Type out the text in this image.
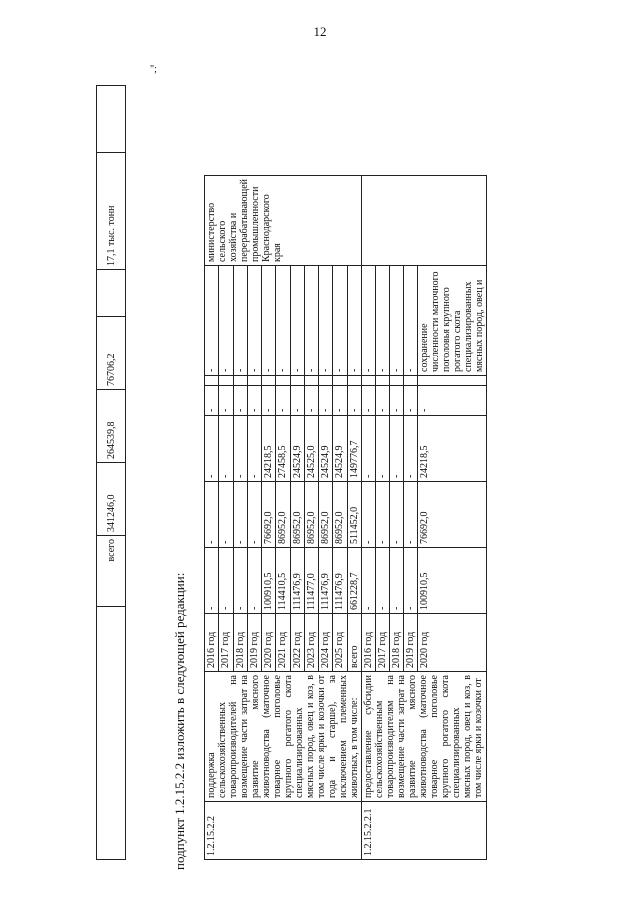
12
";
	всего	341246,0	264539,8	76706,2		17,1 тыс. тонн	
подпункт 1.2.15.2.2 изложить в следующей редакции: 1.2.15.2.2	поддержка сельскохозяйственных товаропроизводителей на возмещение части затрат на развитие мясного животноводства (маточное товарное поголовье крупного рогатого скота специализированных мясных пород, овец и коз, в том числе ярки и козочки от года и старше), за исключением племенных животных, в том числе:	2016 год	-	-	-	-		-	министерство сельского хозяйства и перерабатывающей промышленности Краснодарского края
		2017 год	-	-	-	-		-	
		2018 год	-	-	-	-		-	
		2019 год	-	-	-	-		-	
		2020 год	100910,5	76692,0	24218,5	-		-	
		2021 год	114410,5	86952,0	27458,5	-		-	
		2022 год	111476,9	86952,0	24524,9	-		-	
		2023 год	111477,0	86952,0	24525,0	-		-	
		2024 год	111476,9	86952,0	24524,9	-		-	
		2025 год	111476,9	86952,0	24524,9	-		-	
		всего	661228,7	511452,0	149776,7	-		-	
1.2.15.2.2.1	предоставление субсидии сельскохозяйственным товаропроизводителям на возмещение части затрат на развитие мясного животноводства (маточное товарное поголовье крупного рогатого скота специализированных мясных пород, овец и коз, в том числе ярки и козочки от	2016 год	-	-	-	-		-	
		2017 год	-	-	-	-		-	
		2018 год	-	-	-	-		-	
		2019 год	-	-	-	-		-	
		2020 год	100910,5	76692,0	24218,5	-		сохранение численности маточного поголовья крупного рогатого скота специализированных мясных пород, овец и	
